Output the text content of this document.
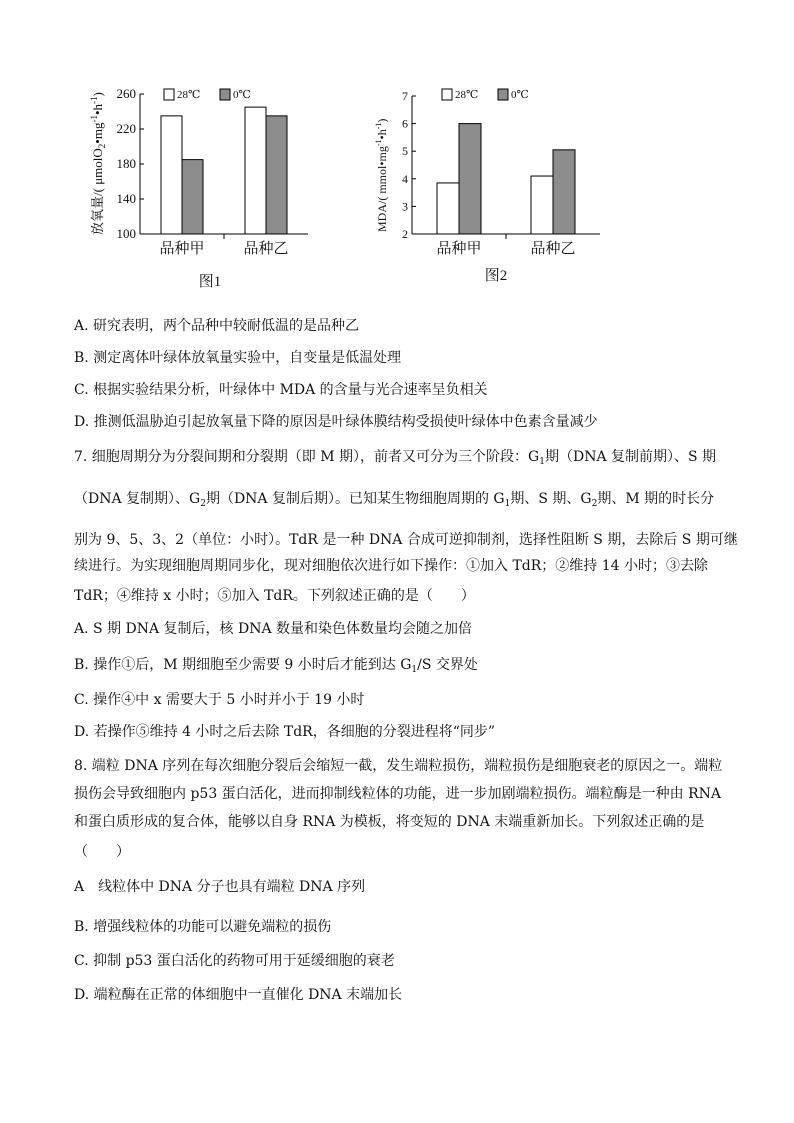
放氧量/( $\mu molO_2•mg^{-1}•h^{-1}$)
100
140
180
220
260
品种甲	品种乙
28℃	0℃
图1
MDA/( $mmol•mg^{-1}•h^{-1}$)
2
3
4
5
6
7
品种甲	品种乙
28℃	0℃
图2
A. 研究表明，两个品种中较耐低温的是品种乙
B. 测定离体叶绿体放氧量实验中，自变量是低温处理
C. 根据实验结果分析，叶绿体中 MDA 的含量与光合速率呈负相关
D. 推测低温胁迫引起放氧量下降的原因是叶绿体膜结构受损使叶绿体中色素含量减少
7. 细胞周期分为分裂间期和分裂期（即 M 期），前者又可分为三个阶段：$G_1$期（DNA 复制前期）、S 期
（DNA 复制期）、$G_2$期（DNA 复制后期）。已知某生物细胞周期的 $G_1$期、S 期、$G_2$期、M 期的时长分
别为 9、5、3、2（单位：小时）。TdR 是一种 DNA 合成可逆抑制剂，选择性阻断 S 期，去除后 S 期可继
续进行。为实现细胞周期同步化，现对细胞依次进行如下操作：①加入 TdR；②维持 14 小时；③去除
TdR；④维持 x 小时；⑤加入 TdR。下列叙述正确的是（　　）
A. S 期 DNA 复制后，核 DNA 数量和染色体数量均会随之加倍
B. 操作①后，M 期细胞至少需要 9 小时后才能到达 $G_1/S$ 交界处
C. 操作④中 x 需要大于 5 小时并小于 19 小时
D. 若操作⑤维持 4 小时之后去除 TdR，各细胞的分裂进程将“同步”
8. 端粒 DNA 序列在每次细胞分裂后会缩短一截，发生端粒损伤，端粒损伤是细胞衰老的原因之一。端粒
损伤会导致细胞内 p53 蛋白活化，进而抑制线粒体的功能，进一步加剧端粒损伤。端粒酶是一种由 RNA
和蛋白质形成的复合体，能够以自身 RNA 为模板，将变短的 DNA 末端重新加长。下列叙述正确的是
（　　）
A　线粒体中 DNA 分子也具有端粒 DNA 序列
B. 增强线粒体的功能可以避免端粒的损伤
C. 抑制 p53 蛋白活化的药物可用于延缓细胞的衰老
D. 端粒酶在正常的体细胞中一直催化 DNA 末端加长
